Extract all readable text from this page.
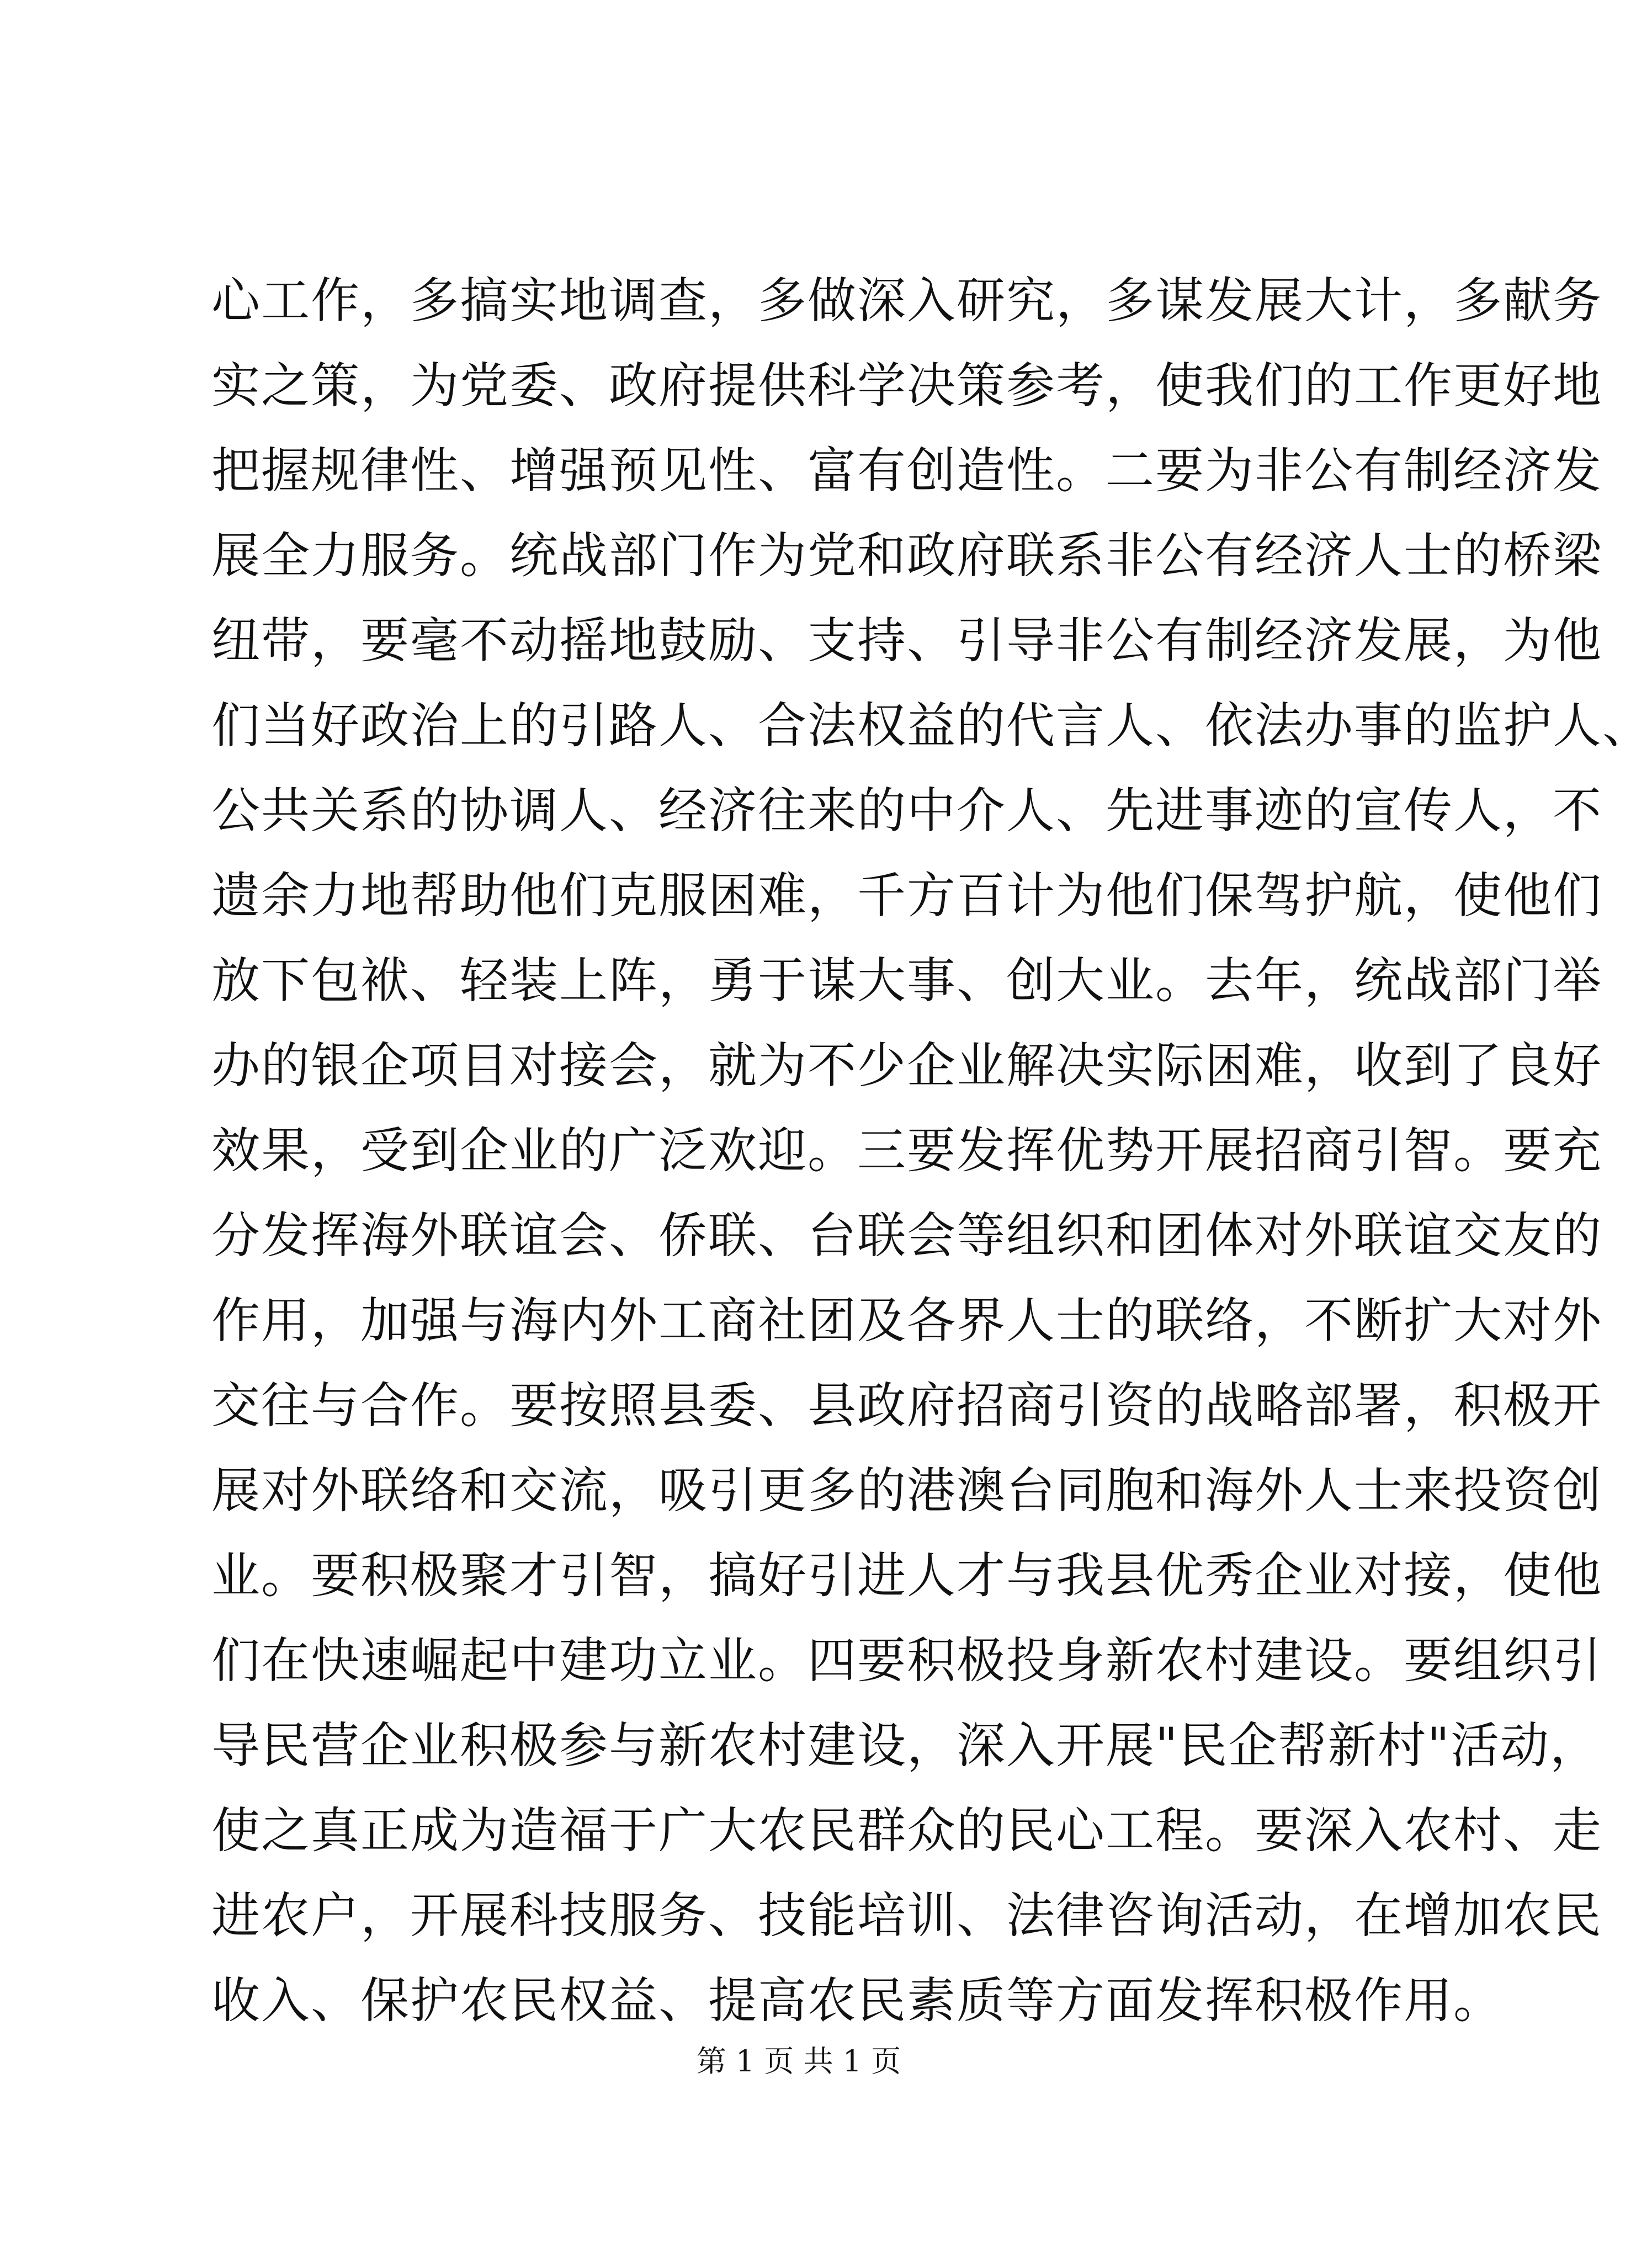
心工作，多搞实地调查，多做深入研究，多谋发展大计，多献务
实之策，为党委、政府提供科学决策参考，使我们的工作更好地
把握规律性、增强预见性、富有创造性。二要为非公有制经济发
展全力服务。统战部门作为党和政府联系非公有经济人士的桥梁
纽带，要毫不动摇地鼓励、支持、引导非公有制经济发展，为他
们当好政治上的引路人、合法权益的代言人、依法办事的监护人、
公共关系的协调人、经济往来的中介人、先进事迹的宣传人，不
遗余力地帮助他们克服困难，千方百计为他们保驾护航，使他们
放下包袱、轻装上阵，勇于谋大事、创大业。去年，统战部门举
办的银企项目对接会，就为不少企业解决实际困难，收到了良好
效果，受到企业的广泛欢迎。三要发挥优势开展招商引智。要充
分发挥海外联谊会、侨联、台联会等组织和团体对外联谊交友的
作用，加强与海内外工商社团及各界人士的联络，不断扩大对外
交往与合作。要按照县委、县政府招商引资的战略部署，积极开
展对外联络和交流，吸引更多的港澳台同胞和海外人士来投资创
业。要积极聚才引智，搞好引进人才与我县优秀企业对接，使他
们在快速崛起中建功立业。四要积极投身新农村建设。要组织引
导民营企业积极参与新农村建设，深入开展"民企帮新村"活动，
使之真正成为造福于广大农民群众的民心工程。要深入农村、走
进农户，开展科技服务、技能培训、法律咨询活动，在增加农民
收入、保护农民权益、提高农民素质等方面发挥积极作用。
第 1 页 共 1 页
